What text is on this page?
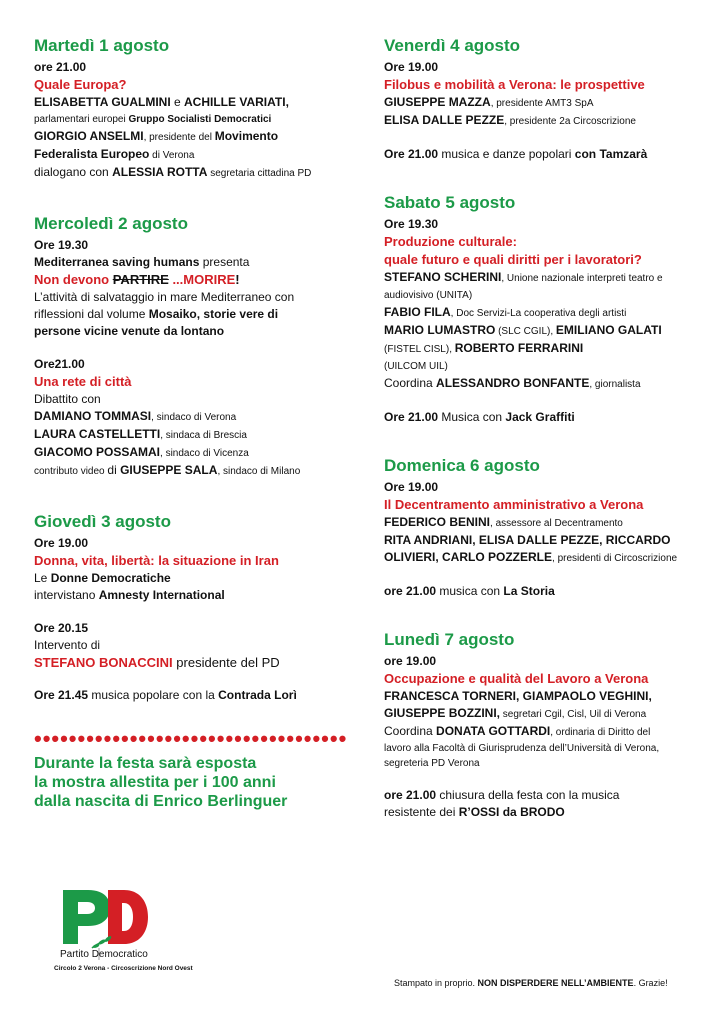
Martedì 1 agosto
ore 21.00
Quale Europa?
ELISABETTA GUALMINI e ACHILLE VARIATI,
parlamentari europei Gruppo Socialisti Democratici
GIORGIO ANSELMI, presidente del Movimento
Federalista Europeo di Verona
dialogano con ALESSIA ROTTA segretaria cittadina PD
Mercoledì 2 agosto
Ore 19.30
Mediterranea saving humans presenta
Non devono PARTIRE ...MORIRE!
L’attività di salvataggio in mare Mediterraneo con
riflessioni dal volume Mosaiko, storie vere di
persone vicine venute da lontano
Ore21.00
Una rete di città
Dibattito con
DAMIANO TOMMASI, sindaco di Verona
LAURA CASTELLETTI, sindaca di Brescia
GIACOMO POSSAMAI, sindaco di Vicenza
contributo video di GIUSEPPE SALA, sindaco di Milano
Giovedì 3 agosto
Ore 19.00
Donna, vita, libertà: la situazione in Iran
Le Donne Democratiche
intervistano Amnesty International
Ore 20.15
Intervento di
STEFANO BONACCINI presidente del PD
Ore 21.45 musica popolare con la Contrada Lorì
••••••••••••••••••••••••••••••••••••
Durante la festa sarà esposta
la mostra allestita per i 100 anni
dalla nascita di Enrico Berlinguer
Venerdì 4 agosto
Ore 19.00
Filobus e mobilità a Verona: le prospettive
GIUSEPPE MAZZA, presidente AMT3 SpA
ELISA DALLE PEZZE, presidente 2a Circoscrizione
Ore 21.00 musica e danze popolari con Tamzarà
Sabato 5 agosto
Ore 19.30
Produzione culturale:
quale futuro e quali diritti per i lavoratori?
STEFANO SCHERINI, Unione nazionale interpreti teatro e
audiovisivo (UNITA)
FABIO FILA, Doc Servizi-La cooperativa degli artisti
MARIO LUMASTRO (SLC CGIL), EMILIANO GALATI
(FISTEL CISL), ROBERTO FERRARINI
(UILCOM UIL)
Coordina ALESSANDRO BONFANTE, giornalista
Ore 21.00 Musica con Jack Graffiti
Domenica 6 agosto
Ore 19.00
Il Decentramento amministrativo a Verona
FEDERICO BENINI, assessore al Decentramento
RITA ANDRIANI, ELISA DALLE PEZZE, RICCARDO
OLIVIERI, CARLO POZZERLE, presidenti di Circoscrizione
ore 21.00 musica con La Storia
Lunedì 7 agosto
ore 19.00
Occupazione e qualità del Lavoro a Verona
FRANCESCA TORNERI, GIAMPAOLO VEGHINI,
GIUSEPPE BOZZINI, segretari Cgil, Cisl, Uil di Verona
Coordina DONATA GOTTARDI, ordinaria di Diritto del
lavoro alla Facoltà di Giurisprudenza dell’Università di Verona,
segreteria PD Verona
ore 21.00 chiusura della festa con la musica
resistente dei R’OSSI da BRODO
Partito Democratico
Circolo 2 Verona - Circoscrizione Nord Ovest
Stampato in proprio. NON DISPERDERE NELL’AMBIENTE. Grazie!
